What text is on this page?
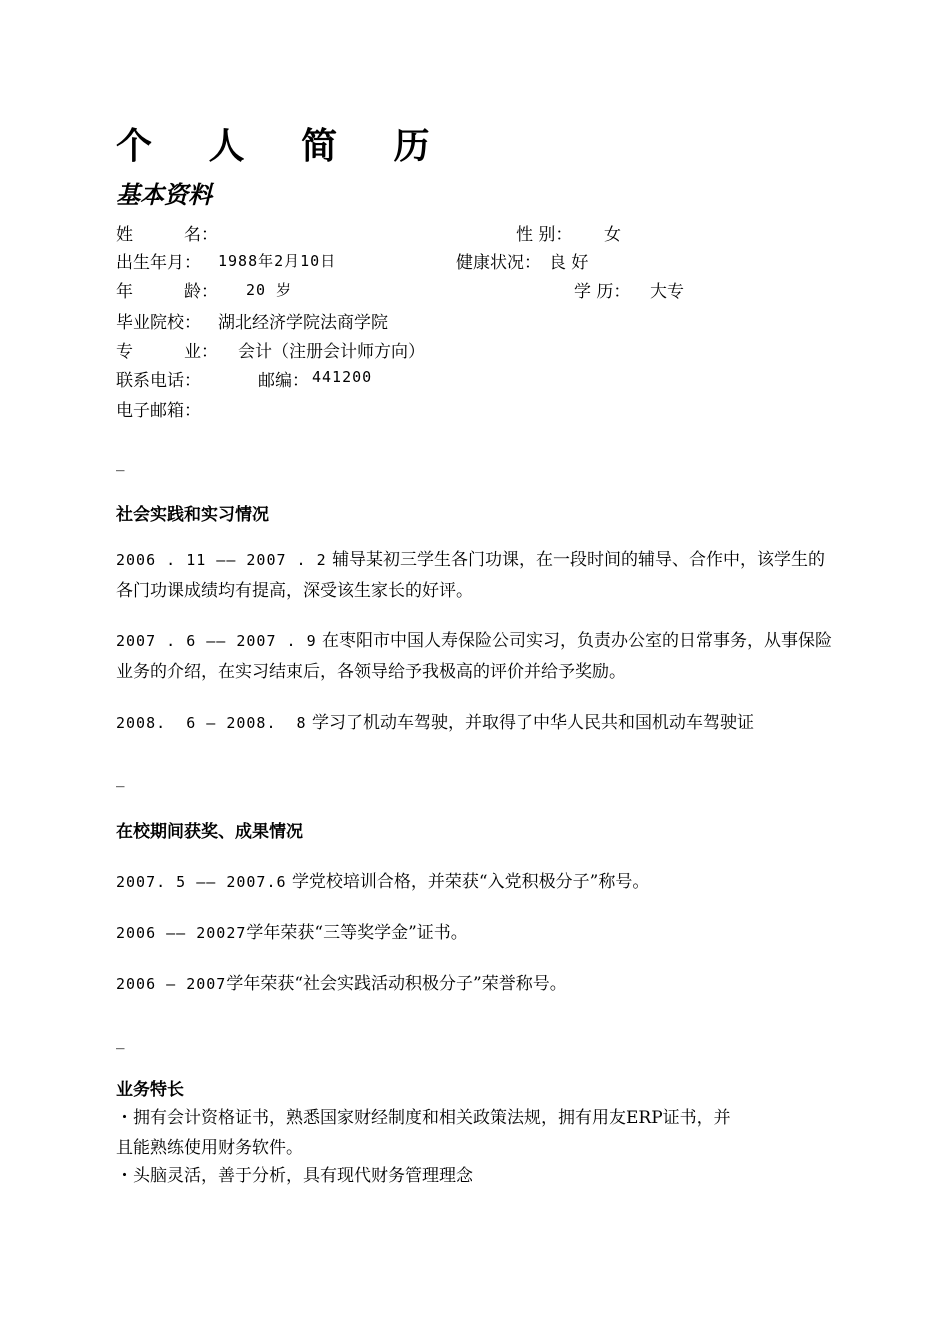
个 人 简 历
基本资料
姓　　　名：	性 别： 女
出生年月： 1988年2月10日	健康状况： 良 好
年　　　龄： 20 岁	学 历： 大专
毕业院校： 湖北经济学院法商学院
专　　　业： 会计（注册会计师方向）
联系电话：	邮编： 441200
电子邮箱：
_
社会实践和实习情况
2006 . 11 —— 2007 . 2 辅导某初三学生各门功课，在一段时间的辅导、合作中，该学生的各门功课成绩均有提高，深受该生家长的好评。
2007 . 6 —— 2007 . 9 在枣阳市中国人寿保险公司实习，负责办公室的日常事务，从事保险业务的介绍，在实习结束后，各领导给予我极高的评价并给予奖励。
2008.  6 — 2008.  8 学习了机动车驾驶，并取得了中华人民共和国机动车驾驶证
_
在校期间获奖、成果情况
2007. 5 —— 2007.6 学党校培训合格，并荣获“入党积极分子”称号。
2006 —— 20027学年荣获“三等奖学金”证书。
2006 — 2007学年荣获“社会实践活动积极分子”荣誉称号。
_
业务特长
・拥有会计资格证书，熟悉国家财经制度和相关政策法规，拥有用友ERP证书，并
且能熟练使用财务软件。
・头脑灵活，善于分析，具有现代财务管理理念
